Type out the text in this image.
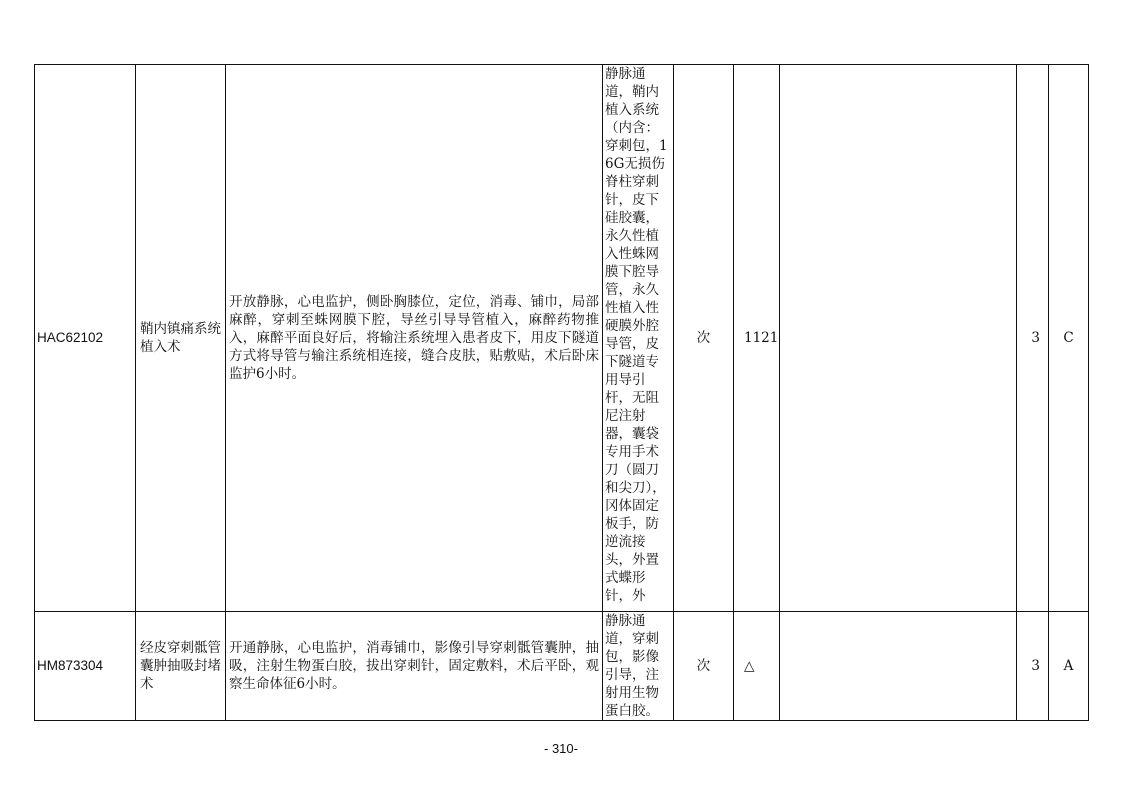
HAC62102	鞘内镇痛系统植入术	开放静脉，心电监护，侧卧胸膝位，定位，消毒、铺巾，局部麻醉，穿刺至蛛网膜下腔，导丝引导导管植入，麻醉药物推入，麻醉平面良好后，将输注系统埋入患者皮下，用皮下隧道方式将导管与输注系统相连接，缝合皮肤，贴敷贴，术后卧床监护6小时。	静脉通道，鞘内植入系统（内含：穿刺包，16G无损伤脊柱穿刺针，皮下硅胶囊，永久性植入性蛛网膜下腔导管，永久性植入性硬膜外腔导管，皮下隧道专用导引杆，无阻尼注射器，囊袋专用手术刀（圆刀和尖刀），冈体固定板手，防逆流接头，外置式蝶形针，外	次	1121		3	C
HM873304	经皮穿刺骶管囊肿抽吸封堵术	开通静脉，心电监护，消毒铺巾，影像引导穿刺骶管囊肿，抽吸，注射生物蛋白胶，拔出穿刺针，固定敷料，术后平卧，观察生命体征6小时。	静脉通道，穿刺包，影像引导，注射用生物蛋白胶。	次	△		3	A
- 310-
